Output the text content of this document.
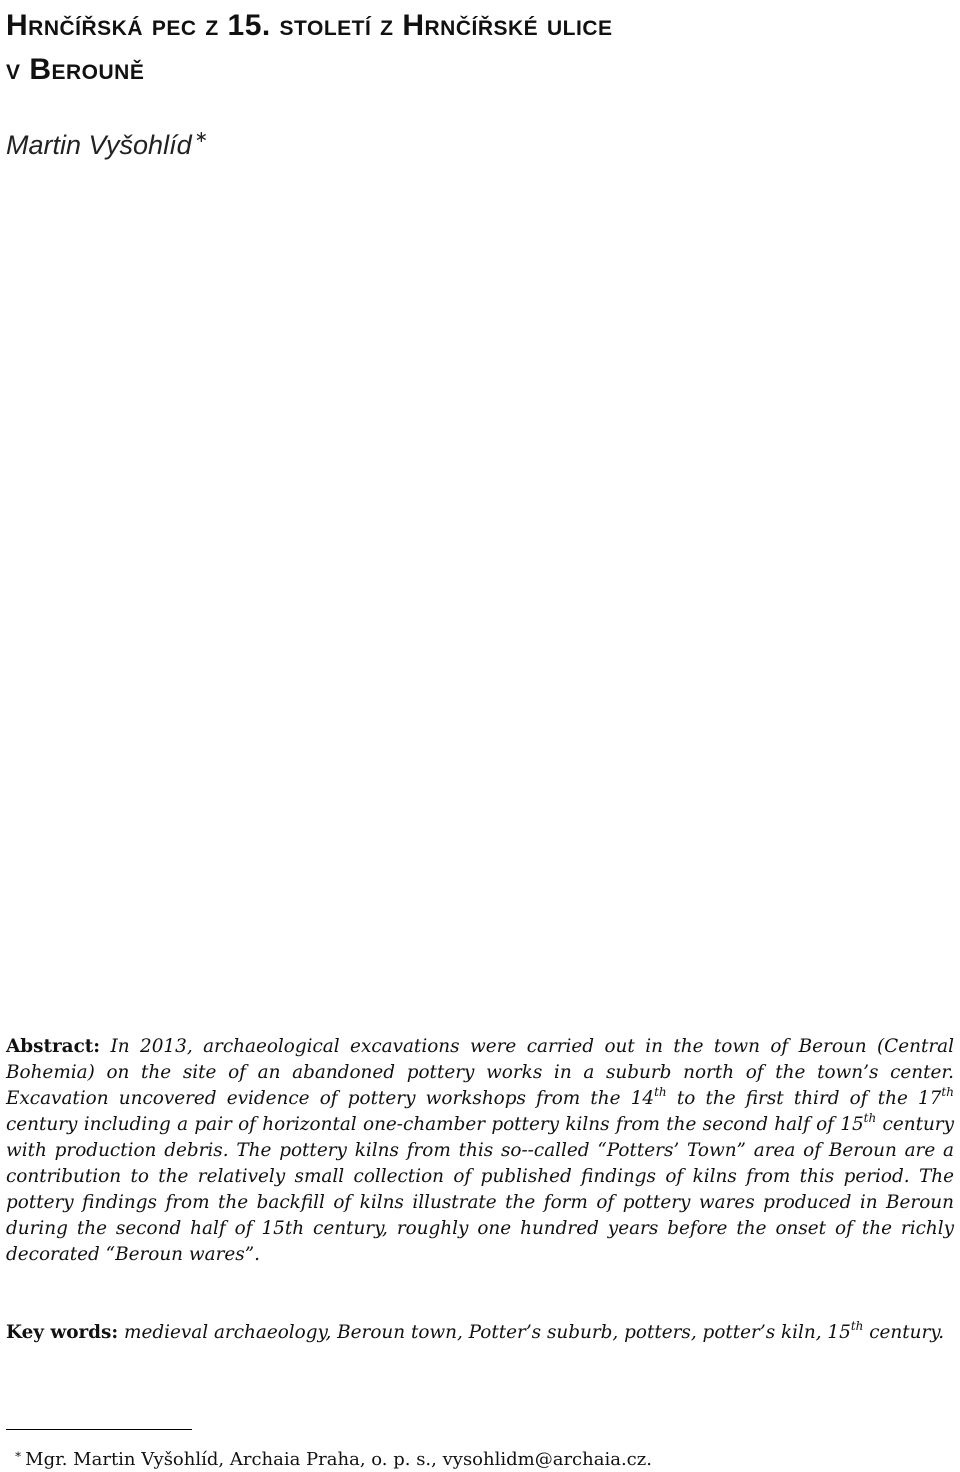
Hrnčířská pec z 15. století z Hrnčířské ulice
v Berouně
Martin Vyšohlíd ∗

Abstract: In 2013, archaeological excavations were carried out in the town of Beroun (Central Bohemia) on the site of an abandoned pottery works in a suburb north of the town’s center. Excavation uncovered evidence of pottery workshops from the 14th to the first third of the 17th century including a pair of horizontal one-chamber pottery kilns from the second half of 15th century with production debris. The pottery kilns from this so--called “Potters’ Town” area of Beroun are a contribution to the relatively small collection of published findings of kilns from this period. The pottery findings from the backfill of kilns illustrate the form of pottery wares produced in Beroun during the second half of 15th century, roughly one hundred years before the onset of the richly decorated “Beroun wares”.

Key words: medieval archaeology, Beroun town, Potter’s suburb, potters, potter’s kiln, 15th century.

∗ Mgr. Martin Vyšohlíd, Archaia Praha, o. p. s., vysohlidm@archaia.cz.
